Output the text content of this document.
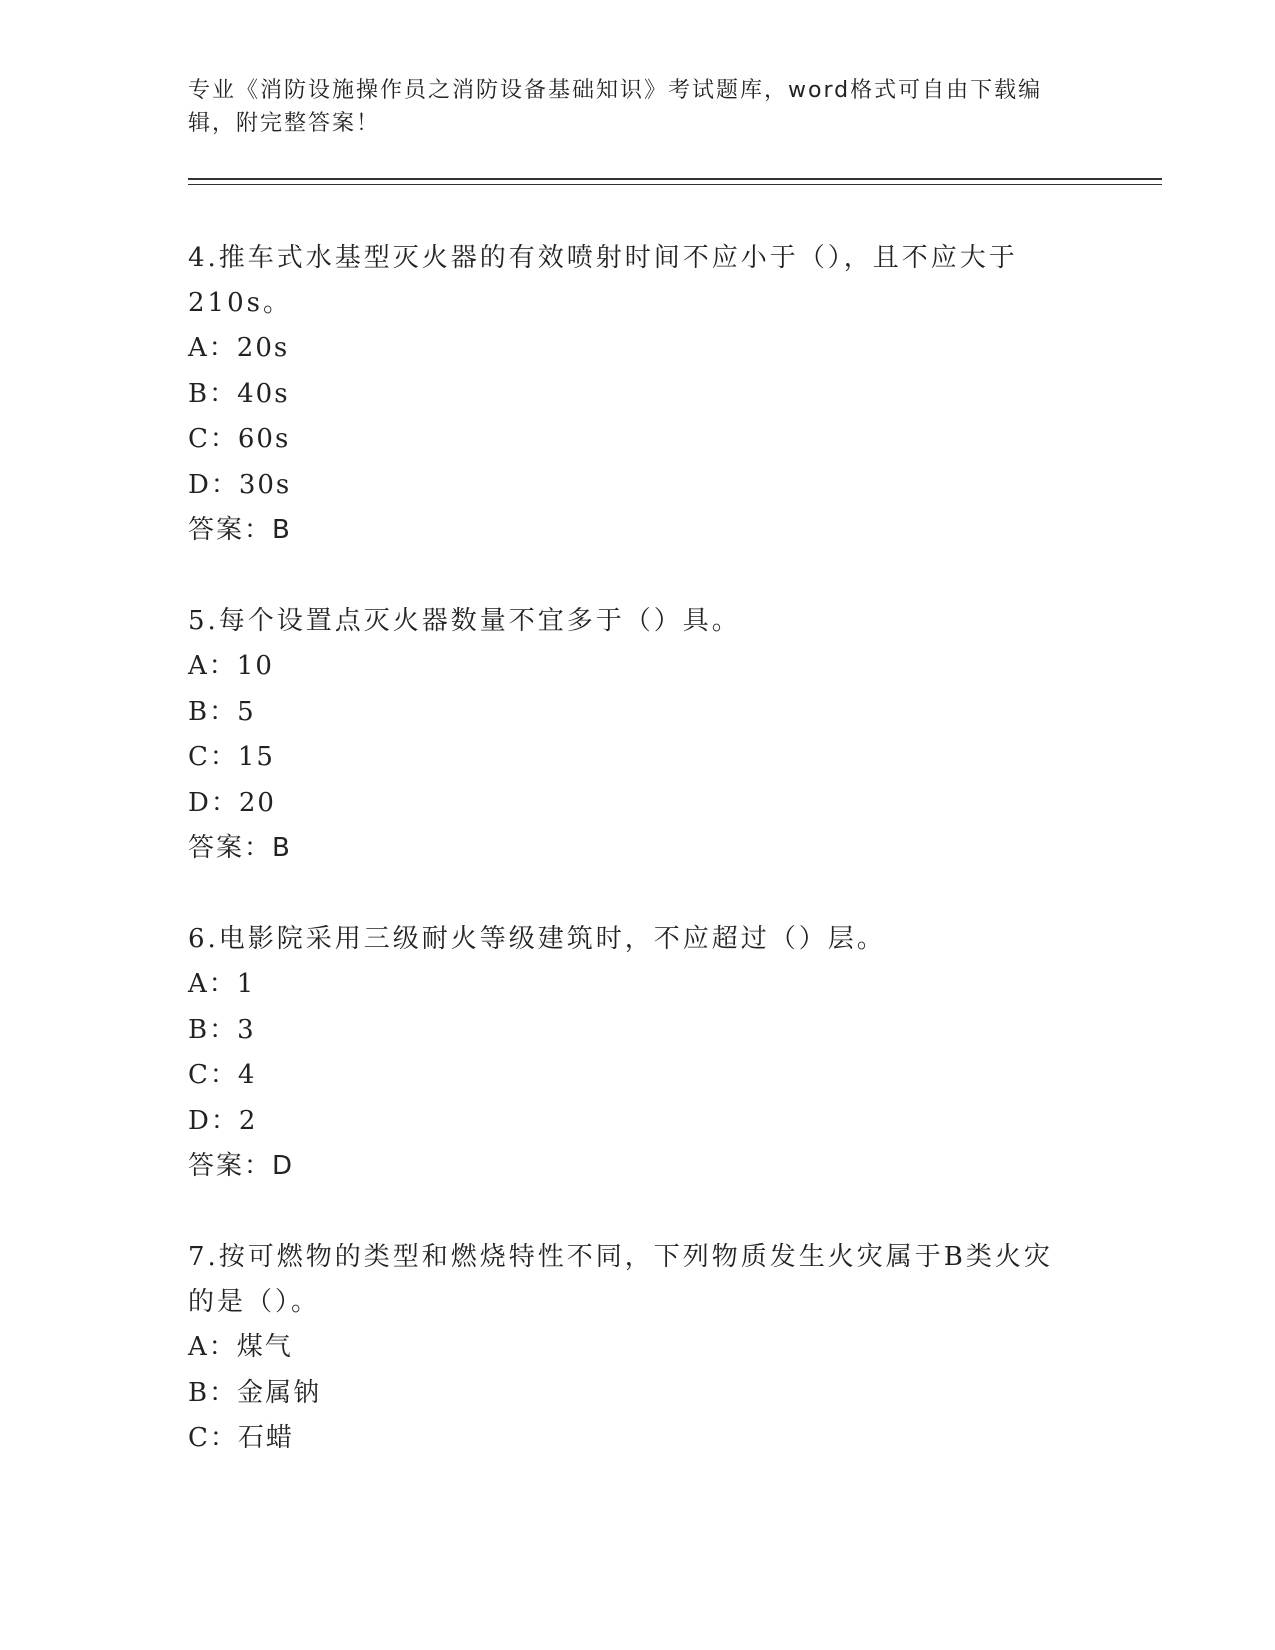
专业《消防设施操作员之消防设备基础知识》考试题库，word格式可自由下载编辑，附完整答案！

4.推车式水基型灭火器的有效喷射时间不应小于（），且不应大于210s。

A：20s

B：40s

C：60s

D：30s

答案：B

5.每个设置点灭火器数量不宜多于（）具。

A：10

B：5

C：15

D：20

答案：B

6.电影院采用三级耐火等级建筑时，不应超过（）层。

A：1

B：3

C：4

D：2

答案：D

7.按可燃物的类型和燃烧特性不同，下列物质发生火灾属于B类火灾的是（）。

A：煤气

B：金属钠

C：石蜡
